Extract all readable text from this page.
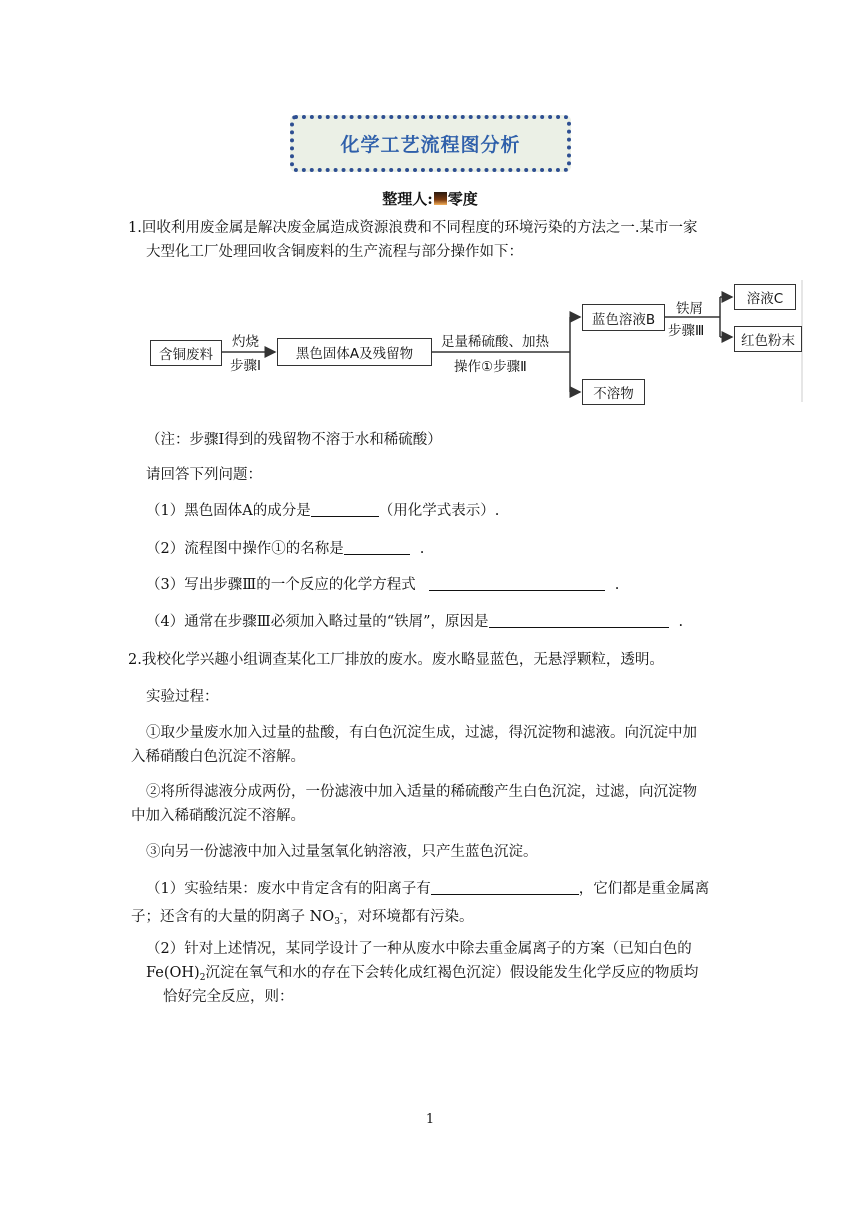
化学工艺流程图分析
整理人: 零度
1.回收利用废金属是解决废金属造成资源浪费和不同程度的环境污染的方法之一.某市一家
大型化工厂处理回收含铜废料的生产流程与部分操作如下：
含铜废料
灼烧
步骤Ⅰ
黑色固体A及残留物
足量稀硫酸、加热
操作①步骤Ⅱ
蓝色溶液B
不溶物
铁屑
步骤Ⅲ
溶液C
红色粉末
（注：步骤Ⅰ得到的残留物不溶于水和稀硫酸）
请回答下列问题：
（1）黑色固体A的成分是	（用化学式表示）.
（2）流程图中操作①的名称是	.
（3）写出步骤Ⅲ的一个反应的化学方程式	.
（4）通常在步骤Ⅲ必须加入略过量的“铁屑”，原因是	.
2.我校化学兴趣小组调查某化工厂排放的废水。废水略显蓝色，无悬浮颗粒，透明。
实验过程：
①取少量废水加入过量的盐酸，有白色沉淀生成，过滤，得沉淀物和滤液。向沉淀中加
入稀硝酸白色沉淀不溶解。
②将所得滤液分成两份，一份滤液中加入适量的稀硫酸产生白色沉淀，过滤，向沉淀物
中加入稀硝酸沉淀不溶解。
③向另一份滤液中加入过量氢氧化钠溶液，只产生蓝色沉淀。
（1）实验结果：废水中肯定含有的阳离子有	，它们都是重金属离
子；还含有的大量的阴离子 $NO_3^-$，对环境都有污染。
（2）针对上述情况，某同学设计了一种从废水中除去重金属离子的方案（已知白色的
$Fe(OH)_2$沉淀在氧气和水的存在下会转化成红褐色沉淀）假设能发生化学反应的物质均
恰好完全反应，则：
1
